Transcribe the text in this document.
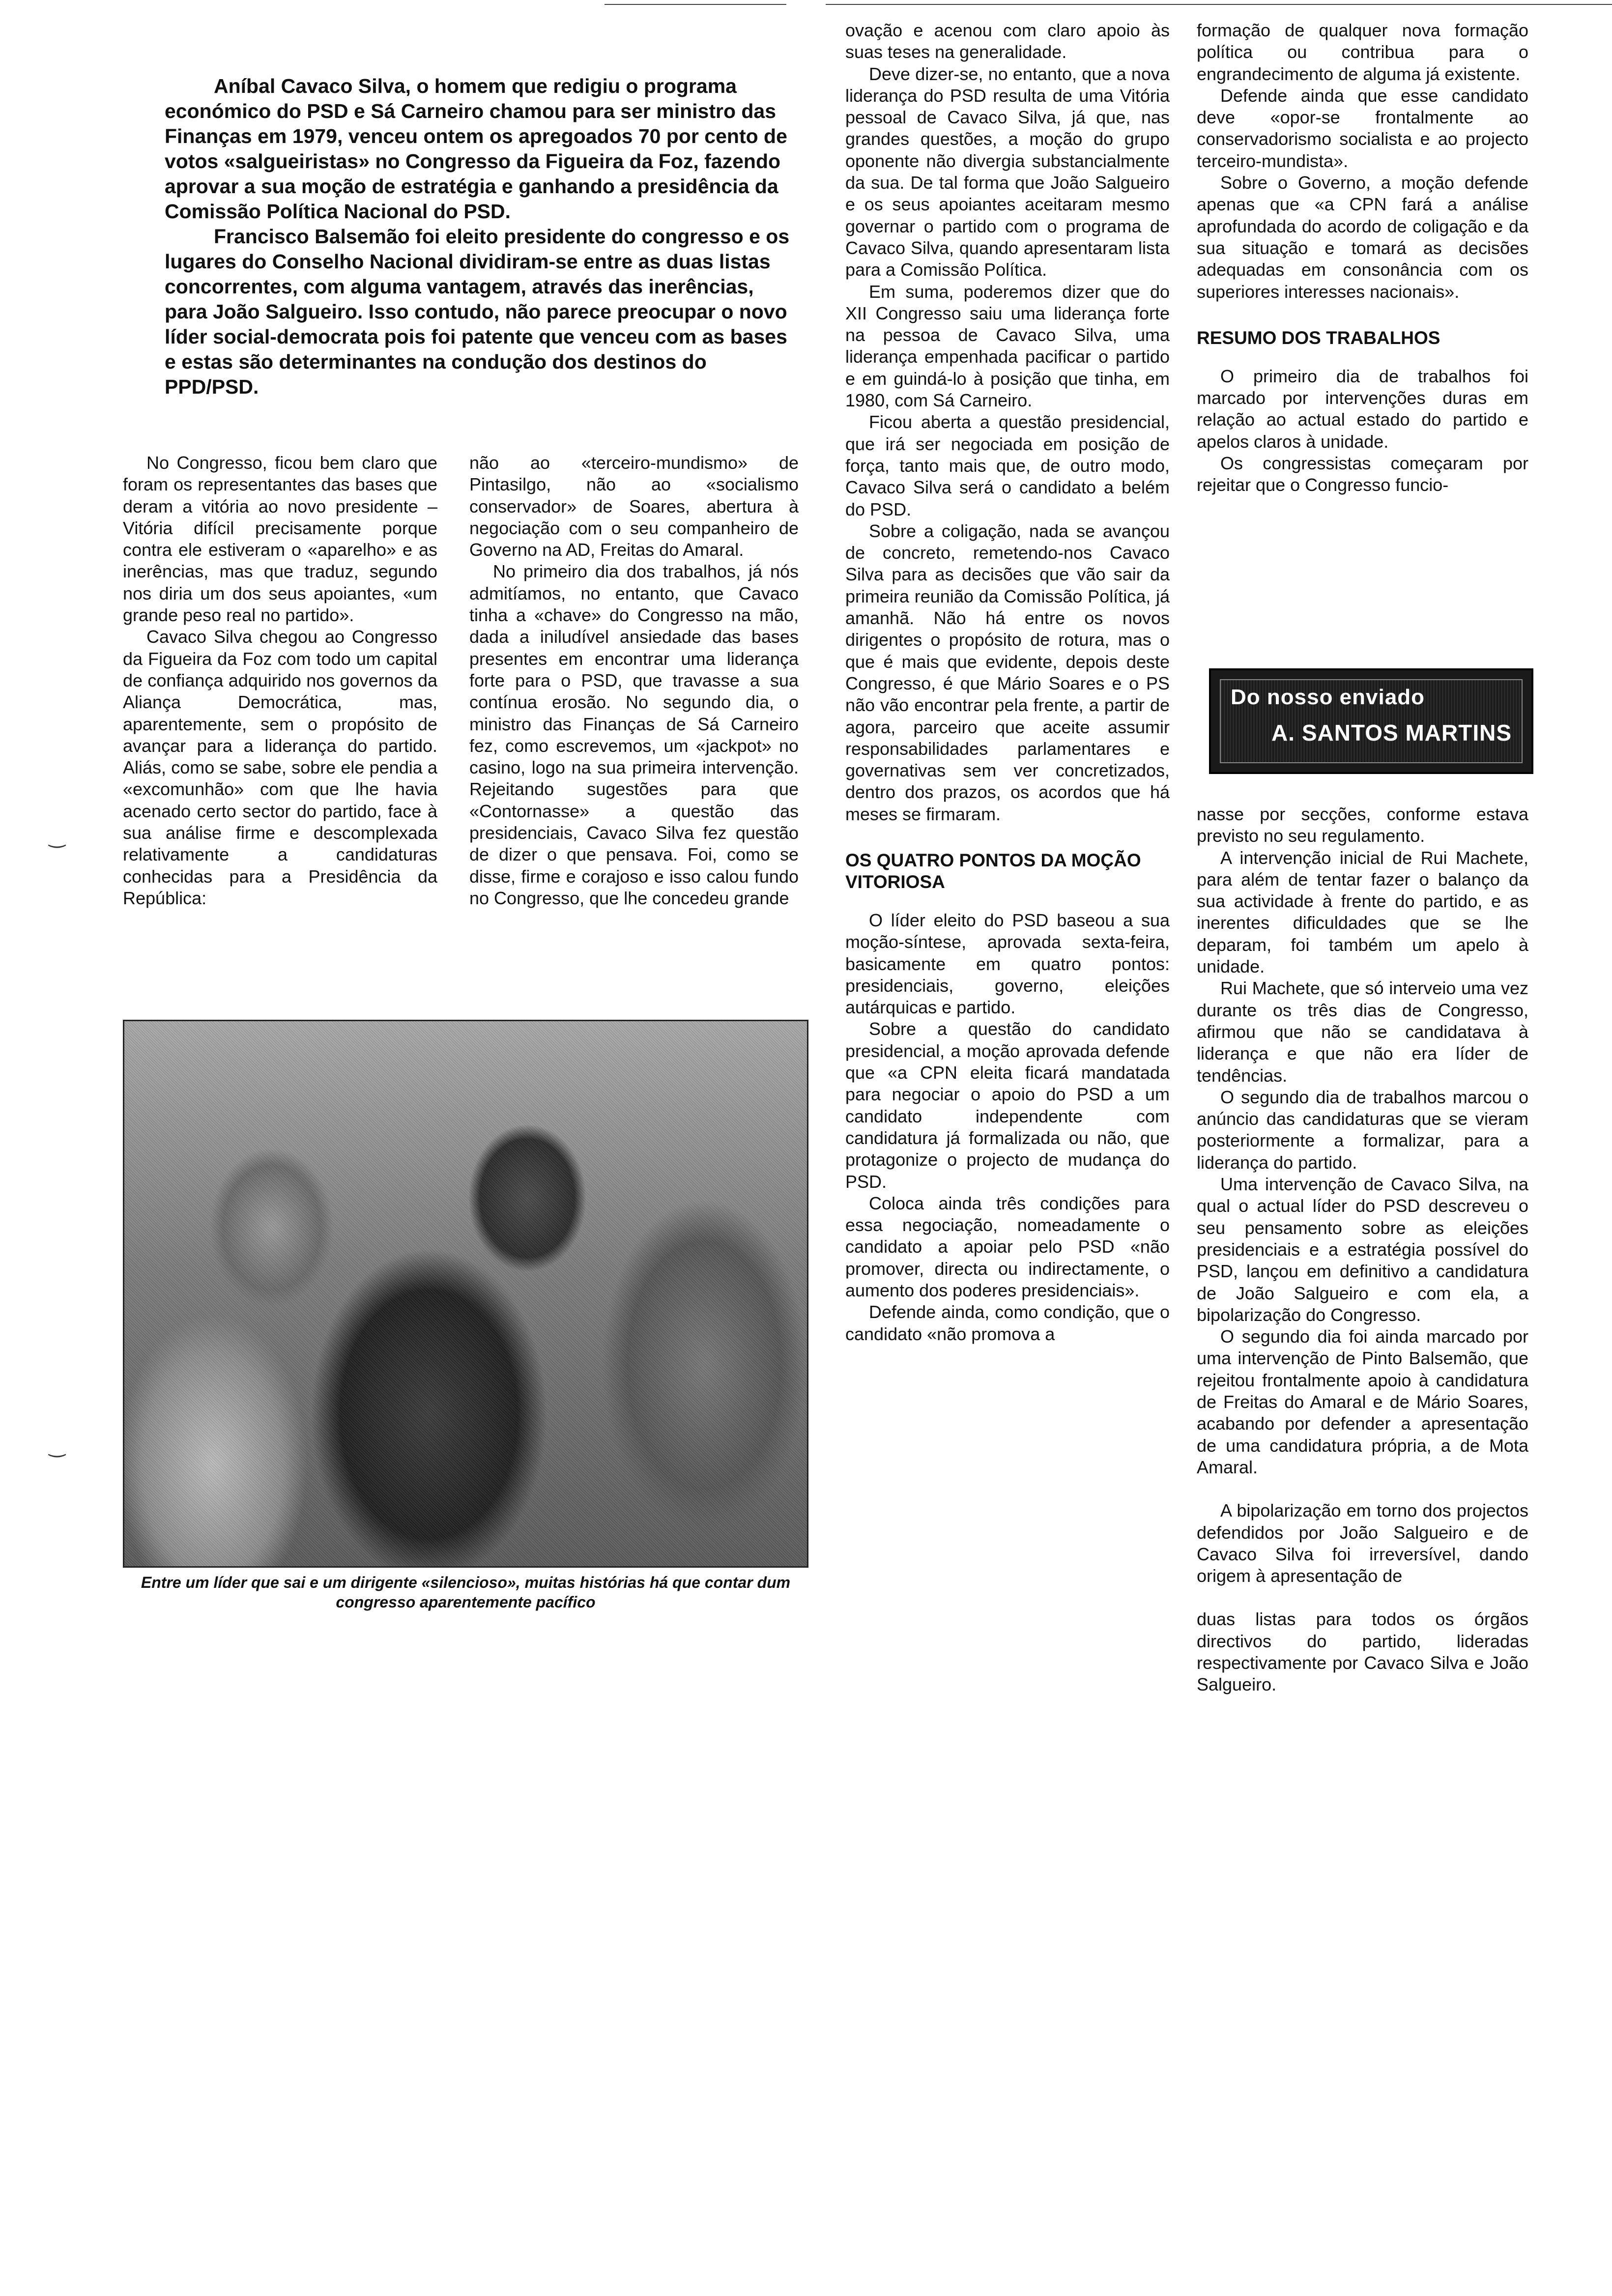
Aníbal Cavaco Silva, o homem que redigiu o programa económico do PSD e Sá Carneiro chamou para ser ministro das Finanças em 1979, venceu ontem os apregoados 70 por cento de votos «salgueiristas» no Congresso da Figueira da Foz, fazendo aprovar a sua moção de estratégia e ganhando a presidência da Comissão Política Nacional do PSD.

Francisco Balsemão foi eleito presidente do congresso e os lugares do Conselho Nacional dividiram-se entre as duas listas concorrentes, com alguma vantagem, através das inerências, para João Salgueiro. Isso contudo, não parece preocupar o novo líder social-democrata pois foi patente que venceu com as bases e estas são determinantes na condução dos destinos do PPD/PSD.

No Congresso, ficou bem claro que foram os representantes das bases que deram a vitória ao novo presidente – Vitória difícil precisamente porque contra ele estiveram o «aparelho» e as inerências, mas que traduz, segundo nos diria um dos seus apoiantes, «um grande peso real no partido».

Cavaco Silva chegou ao Congresso da Figueira da Foz com todo um capital de confiança adquirido nos governos da Aliança Democrática, mas, aparentemente, sem o propósito de avançar para a liderança do partido. Aliás, como se sabe, sobre ele pendia a «excomunhão» com que lhe havia acenado certo sector do partido, face à sua análise firme e descomplexada relativamente a candidaturas conhecidas para a Presidência da República:

não ao «terceiro-mundismo» de Pintasilgo, não ao «socialismo conservador» de Soares, abertura à negociação com o seu companheiro de Governo na AD, Freitas do Amaral.

No primeiro dia dos trabalhos, já nós admitíamos, no entanto, que Cavaco tinha a «chave» do Congresso na mão, dada a iniludível ansiedade das bases presentes em encontrar uma liderança forte para o PSD, que travasse a sua contínua erosão. No segundo dia, o ministro das Finanças de Sá Carneiro fez, como escrevemos, um «jackpot» no casino, logo na sua primeira intervenção. Rejeitando sugestões para que «Contornasse» a questão das presidenciais, Cavaco Silva fez questão de dizer o que pensava. Foi, como se disse, firme e corajoso e isso calou fundo no Congresso, que lhe concedeu grande

Entre um líder que sai e um dirigente «silencioso», muitas histórias há que contar dum congresso aparentemente pacífico

ovação e acenou com claro apoio às suas teses na generalidade.

Deve dizer-se, no entanto, que a nova liderança do PSD resulta de uma Vitória pessoal de Cavaco Silva, já que, nas grandes questões, a moção do grupo oponente não divergia substancialmente da sua. De tal forma que João Salgueiro e os seus apoiantes aceitaram mesmo governar o partido com o programa de Cavaco Silva, quando apresentaram lista para a Comissão Política.

Em suma, poderemos dizer que do XII Congresso saiu uma liderança forte na pessoa de Cavaco Silva, uma liderança empenhada pacificar o partido e em guindá-lo à posição que tinha, em 1980, com Sá Carneiro.

Ficou aberta a questão presidencial, que irá ser negociada em posição de força, tanto mais que, de outro modo, Cavaco Silva será o candidato a belém do PSD.

Sobre a coligação, nada se avançou de concreto, remetendo-nos Cavaco Silva para as decisões que vão sair da primeira reunião da Comissão Política, já amanhã. Não há entre os novos dirigentes o propósito de rotura, mas o que é mais que evidente, depois deste Congresso, é que Mário Soares e o PS não vão encontrar pela frente, a partir de agora, parceiro que aceite assumir responsabilidades parlamentares e governativas sem ver concretizados, dentro dos prazos, os acordos que há meses se firmaram.

OS QUATRO PONTOS DA MOÇÃO VITORIOSA

O líder eleito do PSD baseou a sua moção-síntese, aprovada sexta-feira, basicamente em quatro pontos: presidenciais, governo, eleições autárquicas e partido.

Sobre a questão do candidato presidencial, a moção aprovada defende que «a CPN eleita ficará mandatada para negociar o apoio do PSD a um candidato independente com candidatura já formalizada ou não, que protagonize o projecto de mudança do PSD.

Coloca ainda três condições para essa negociação, nomeadamente o candidato a apoiar pelo PSD «não promover, directa ou indirectamente, o aumento dos poderes presidenciais».

Defende ainda, como condição, que o candidato «não promova a

formação de qualquer nova formação política ou contribua para o engrandecimento de alguma já existente.

Defende ainda que esse candidato deve «opor-se frontalmente ao conservadorismo socialista e ao projecto terceiro-mundista».

Sobre o Governo, a moção defende apenas que «a CPN fará a análise aprofundada do acordo de coligação e da sua situação e tomará as decisões adequadas em consonância com os superiores interesses nacionais».

RESUMO DOS TRABALHOS

O primeiro dia de trabalhos foi marcado por intervenções duras em relação ao actual estado do partido e apelos claros à unidade.

Os congressistas começaram por rejeitar que o Congresso funcio-

Do nosso enviado
A. SANTOS MARTINS

nasse por secções, conforme estava previsto no seu regulamento.

A intervenção inicial de Rui Machete, para além de tentar fazer o balanço da sua actividade à frente do partido, e as inerentes dificuldades que se lhe deparam, foi também um apelo à unidade.

Rui Machete, que só interveio uma vez durante os três dias de Congresso, afirmou que não se candidatava à liderança e que não era líder de tendências.

O segundo dia de trabalhos marcou o anúncio das candidaturas que se vieram posteriormente a formalizar, para a liderança do partido.

Uma intervenção de Cavaco Silva, na qual o actual líder do PSD descreveu o seu pensamento sobre as eleições presidenciais e a estratégia possível do PSD, lançou em definitivo a candidatura de João Salgueiro e com ela, a bipolarização do Congresso.

O segundo dia foi ainda marcado por uma intervenção de Pinto Balsemão, que rejeitou frontalmente apoio à candidatura de Freitas do Amaral e de Mário Soares, acabando por defender a apresentação de uma candidatura própria, a de Mota Amaral.

A bipolarização em torno dos projectos defendidos por João Salgueiro e de Cavaco Silva foi irreversível, dando origem à apresentação de

duas listas para todos os órgãos directivos do partido, lideradas respectivamente por Cavaco Silva e João Salgueiro.

‿
‿
